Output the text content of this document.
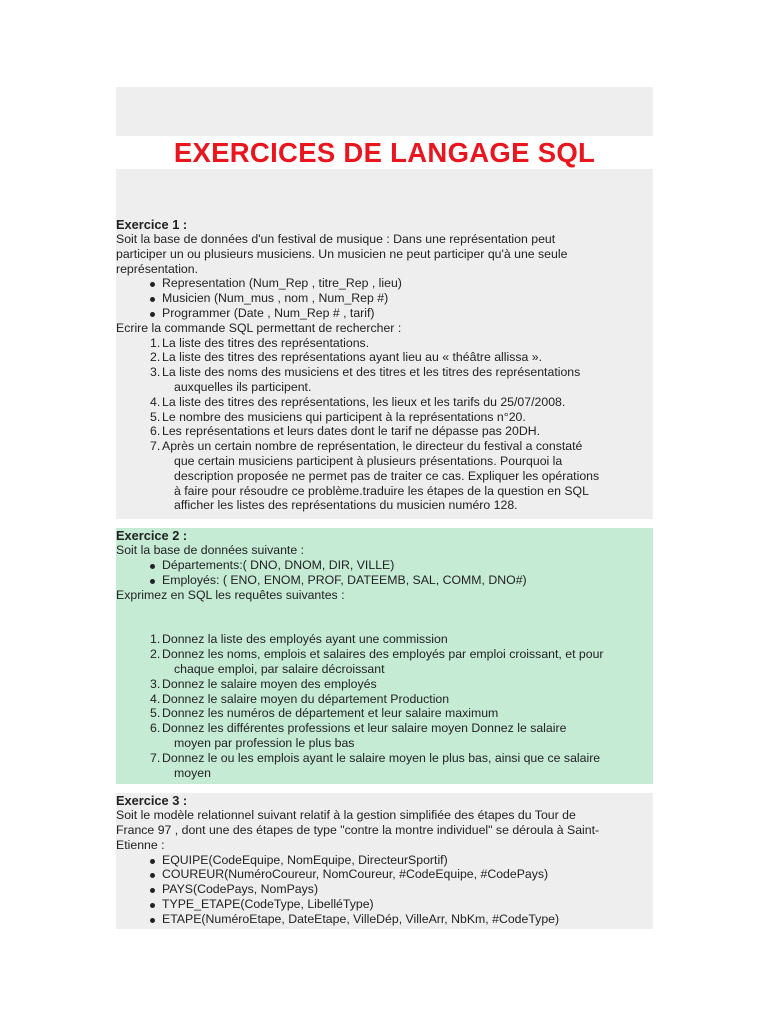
EXERCICES DE LANGAGE SQL

Exercice 1 :

Soit la base de données d'un festival de musique : Dans une représentation peut

participer un ou plusieurs musiciens. Un musicien ne peut participer qu'à une seule

représentation.

Representation (Num_Rep , titre_Rep , lieu)
Musicien (Num_mus , nom , Num_Rep #)
Programmer (Date , Num_Rep # , tarif)

Ecrire la commande SQL permettant de rechercher :

1. La liste des titres des représentations.
2. La liste des titres des représentations ayant lieu au « théâtre allissa ».
3. La liste des noms des musiciens et des titres et les titres des représentations
auxquelles ils participent.
4. La liste des titres des représentations, les lieux et les tarifs du 25/07/2008.
5. Le nombre des musiciens qui participent à la représentations n°20.
6. Les représentations et leurs dates dont le tarif ne dépasse pas 20DH.
7. Après un certain nombre de représentation, le directeur du festival a constaté
que certain musiciens participent à plusieurs présentations. Pourquoi la
description proposée ne permet pas de traiter ce cas. Expliquer les opérations
à faire pour résoudre ce problème.traduire les étapes de la question en SQL
afficher les listes des représentations du musicien numéro 128.

Exercice 2 :

Soit la base de données suivante :

Départements:( DNO, DNOM, DIR, VILLE)
Employés: ( ENO, ENOM, PROF, DATEEMB, SAL, COMM, DNO#)

Exprimez en SQL les requêtes suivantes :

1. Donnez la liste des employés ayant une commission
2. Donnez les noms, emplois et salaires des employés par emploi croissant, et pour
chaque emploi, par salaire décroissant
3. Donnez le salaire moyen des employés
4. Donnez le salaire moyen du département Production
5. Donnez les numéros de département et leur salaire maximum
6. Donnez les différentes professions et leur salaire moyen Donnez le salaire
moyen par profession le plus bas
7. Donnez le ou les emplois ayant le salaire moyen le plus bas, ainsi que ce salaire
moyen

Exercice 3 :

Soit le modèle relationnel suivant relatif à la gestion simplifiée des étapes du Tour de

France 97 , dont une des étapes de type "contre la montre individuel" se déroula à Saint-

Etienne :

EQUIPE(CodeEquipe, NomEquipe, DirecteurSportif)
COUREUR(NuméroCoureur, NomCoureur, #CodeEquipe, #CodePays)
PAYS(CodePays, NomPays)
TYPE_ETAPE(CodeType, LibelléType)
ETAPE(NuméroEtape, DateEtape, VilleDép, VilleArr, NbKm, #CodeType)
